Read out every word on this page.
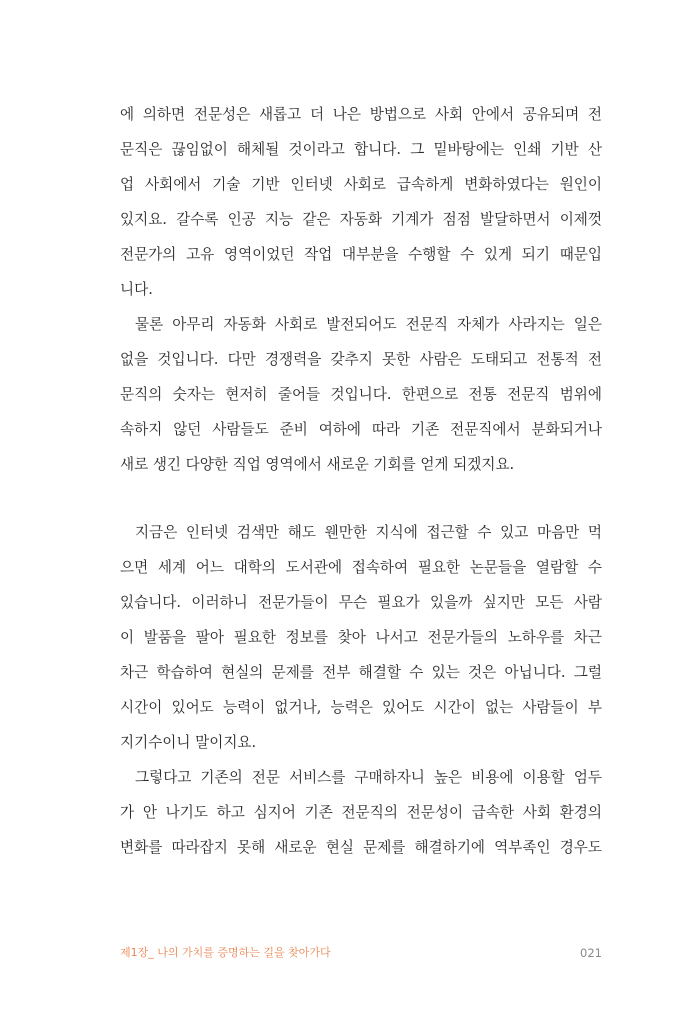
에 의하면 전문성은 새롭고 더 나은 방법으로 사회 안에서 공유되며 전
문직은 끊임없이 해체될 것이라고 합니다. 그 밑바탕에는 인쇄 기반 산
업 사회에서 기술 기반 인터넷 사회로 급속하게 변화하였다는 원인이
있지요. 갈수록 인공 지능 같은 자동화 기계가 점점 발달하면서 이제껏
전문가의 고유 영역이었던 작업 대부분을 수행할 수 있게 되기 때문입
니다.
물론 아무리 자동화 사회로 발전되어도 전문직 자체가 사라지는 일은
없을 것입니다. 다만 경쟁력을 갖추지 못한 사람은 도태되고 전통적 전
문직의 숫자는 현저히 줄어들 것입니다. 한편으로 전통 전문직 범위에
속하지 않던 사람들도 준비 여하에 따라 기존 전문직에서 분화되거나
새로 생긴 다양한 직업 영역에서 새로운 기회를 얻게 되겠지요.
지금은 인터넷 검색만 해도 웬만한 지식에 접근할 수 있고 마음만 먹
으면 세계 어느 대학의 도서관에 접속하여 필요한 논문들을 열람할 수
있습니다. 이러하니 전문가들이 무슨 필요가 있을까 싶지만 모든 사람
이 발품을 팔아 필요한 정보를 찾아 나서고 전문가들의 노하우를 차근
차근 학습하여 현실의 문제를 전부 해결할 수 있는 것은 아닙니다. 그럴
시간이 있어도 능력이 없거나, 능력은 있어도 시간이 없는 사람들이 부
지기수이니 말이지요.
그렇다고 기존의 전문 서비스를 구매하자니 높은 비용에 이용할 엄두
가 안 나기도 하고 심지어 기존 전문직의 전문성이 급속한 사회 환경의
변화를 따라잡지 못해 새로운 현실 문제를 해결하기에 역부족인 경우도
제1장_ 나의 가치를 증명하는 길을 찾아가다	021
